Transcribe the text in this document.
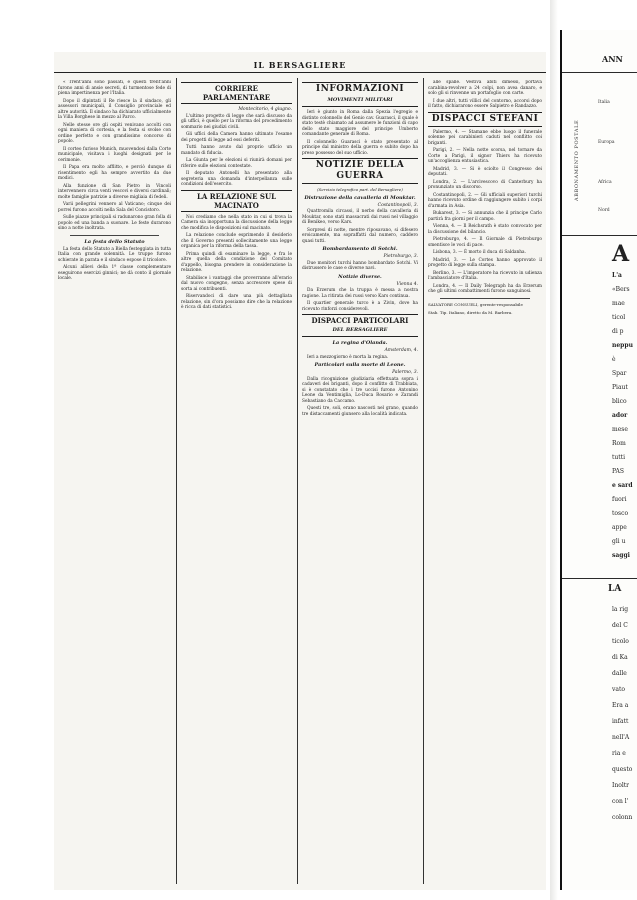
IL BERSAGLIERE

« Trent'anni sono passati, e questi trent'anni furono anni di ansie secreti, di turmentose fede di piena impertinenza per l'Italia.

Dopo il dipintati il Re riesce la il sindaco, gli assessori municipali, il Consiglio provinciale ed altre autorità. Il sindaco ha dichiarato ufficialmente la Villa Borghese in mezzo al Parco.

Nelle stesse ore gli ospiti venivano accolti con ogni maniera di cortesia, e la festa si svolse con ordine perfetto e con grandissimo concorso di popolo.

Il corteo furioso Munich, muovendosi dalla Corte municipale, visitava i luoghi designati per le cerimonie.

Il Papa era molto afflitto, e perciò dunque di risentimento egli ha sempre avvertito da due modici.

Alla funzione di San Pietro in Vincoli intervennero circa venti vescovi e diversi cardinali; molte famiglie patrizie a diverse migliaia di fedeli.

Varii pellegrini vennero al Vaticano; cinque dei porrei furono accolti nella Sala del Concistoro.

Sulle piazze principali si radunarono gran folla di popolo ed una banda a suonare. Le feste durarono sino a notte inoltrata.

La festa dello Statuto

La festa dello Statuto a Biella festeggiata in tutta Italia con grande solennità. Le truppe furono schierate in parata e il sindaco espose il tricolore.

Alcuni allievi della 1ª classe complementare eseguirono esercizi ginnici; ne dà conto il giornale locale.

CORRIERE PARLAMENTARE
Montecitorio, 4 giugno.

L'ultimo progetto di legge che sarà discusso da gli uffici, è quello per la riforma del procedimento sommario nei giudizi civili.

Gli uffici della Camera hanno ultimato l'esame dei progetti di legge ad essi deferiti.

Tutti hanno avuto dal proprio ufficio un mandato di fiducia.

La Giunta per le elezioni si riunirà domani per riferire sulle elezioni contestate.

Il deputato Antonelli ha presentato alla segreteria una domanda d'interpellanza sulle condizioni dell'esercito.

LA RELAZIONE SUL MACINATO

Noi crediamo che nella stato in cui si trova la Camera sia inopportuna la discussione della legge che modifica le disposizioni sul macinato.

La relazione conclude esprimendo il desiderio che il Governo presenti sollecitamente una legge organica per la riforma della tassa.

Prima quindi di esaminare la legge, e fra le altre quella della condizione del Comitato d'appello, bisogna prendere in considerazione la relazione.

Stabilisce i vantaggi che proverranno all'erario dal nuovo congegno, senza accrescere spese di sorta ai contribuenti.

Riservandoci di dare una più dettagliata relazione, sin d'ora possiamo dire che la relazione è ricca di dati statistici.

INFORMAZIONI
MOVIMENTI MILITARI

Ieri è giunto in Roma dalla Spezia l'egregio e distinto colonnello del Genio cav. Guarasci, il quale è stato testè chiamato ad assumere le funzioni di capo dello stato maggiore del principe Umberto comandante generale di Roma.

Il colonnello Guarasci è stato presentato al principe dal ministro della guerra e subito dopo ha preso possesso del suo ufficio.

NOTIZIE DELLA GUERRA
(Servizio telegrafico part. del Bersagliere)
Distruzione della cavalleria di Mouktar.
Costantinopoli, 3.

Quattromila circassi, il nerbo della cavalleria di Mouktar, sono stati massacrati dai russi nel villaggio di Benikeo, verso Kars.

Sorpresi di notte, mentre riposavano, si difesero eroicamente, ma sopraffatti dal numero, caddero quasi tutti.

Bombardamento di Sotchi.
Pietroburgo, 3.

Due monitori turchi hanno bombardato Sotchi. Vi distrussero le case e diverse navi.

Notizie diverse.
Vienna 4.

Da Erzerum che la truppa è messa a nostra ragione. La ritirata dei russi verso Kars continua.

Il quartier generale turco è a Zivin, dove ha ricevuto rinforzi considerevoli.

DISPACCI PARTICOLARI
DEL BERSAGLIERE
La regina d'Olanda.
Amsterdam, 4.

Ieri a mezzogiorno è morta la regina.

Particolari sulla morte di Leone.
Palermo, 3.

Dalla ricognizione giudiziaria effettuata sopra i cadaveri dei briganti, dopo il conflitto di Trabbiata, si è constatato che i tre uccisi furono Antonino Leone da Ventimiglia, Lo-Duca Rosario e Zarandi Sebastiano da Caccamo.

Questi tre, soli, erano nascosti nel grano, quando tre distaccamenti giunsero alla località indicata.

alle spalle. Vestiva abiti dimessi, portava carabina-revolver a 24 colpi, non avea danaro, e solo gli si rinvenne un portafoglio con carte.

I due altri, tutti villici del contorno, accorsi dopo il fatto, dichiararono essere Salpietro e Randazzo.

DISPACCI STEFANI

Palermo, 4. — Stamane ebbe luogo il funerale solenne pei carabinieri caduti nel conflitto coi briganti.

Parigi, 2. — Nella notte scorsa, nel tornare da Corte a Parigi, il signor Thiers ha ricevuto un'accoglienza entusiastica.

Madrid, 3. — Si è sciolto il Congresso dei deputati.

Londra, 2. — L'arcivescovo di Canterbury ha pronunziato un discorso.

Costantinopoli, 2. — Gli ufficiali superiori turchi hanno ricevuto ordine di raggiungere subito i corpi d'armata in Asia.

Bukarest, 3. — Si annunzia che il principe Carlo partirà fra giorni per il campo.

Vienna, 4. — Il Reichsrath è stato convocato per la discussione del bilancio.

Pietroburgo, 4. — Il Giornale di Pietroburgo smentisce le voci di pace.

Lisbona, 3. — È morto il duca di Saldanha.

Madrid, 3. — Le Cortes hanno approvato il progetto di legge sulla stampa.

Berlino, 3. — L'imperatore ha ricevuto in udienza l'ambasciatore d'Italia.

Londra, 4. — Il Daily Telegraph ha da Erzerum che gli ultimi combattimenti furono sanguinosi.

SALVATORE CONSUELI, gerente-responsabile
Stab. Tip. Italiano, diretto da M. Barbera.
ANN
ABBONAMENTO POSTALE
Italia
Europa
Africa
Nord
A
L'a
«Bers
mae
ticol
di p
neppu
è
Spar
Piaut
blico
ador
mese
Rom
tutti
PAS
e sard
fuori
tosco
appe
gli u
saggi
LA
la rig
del C
ticolo
di Ka
dalle
vato
Era a
infatt
nell'A
ria e
questo
Inoltr
con l'
colonn
